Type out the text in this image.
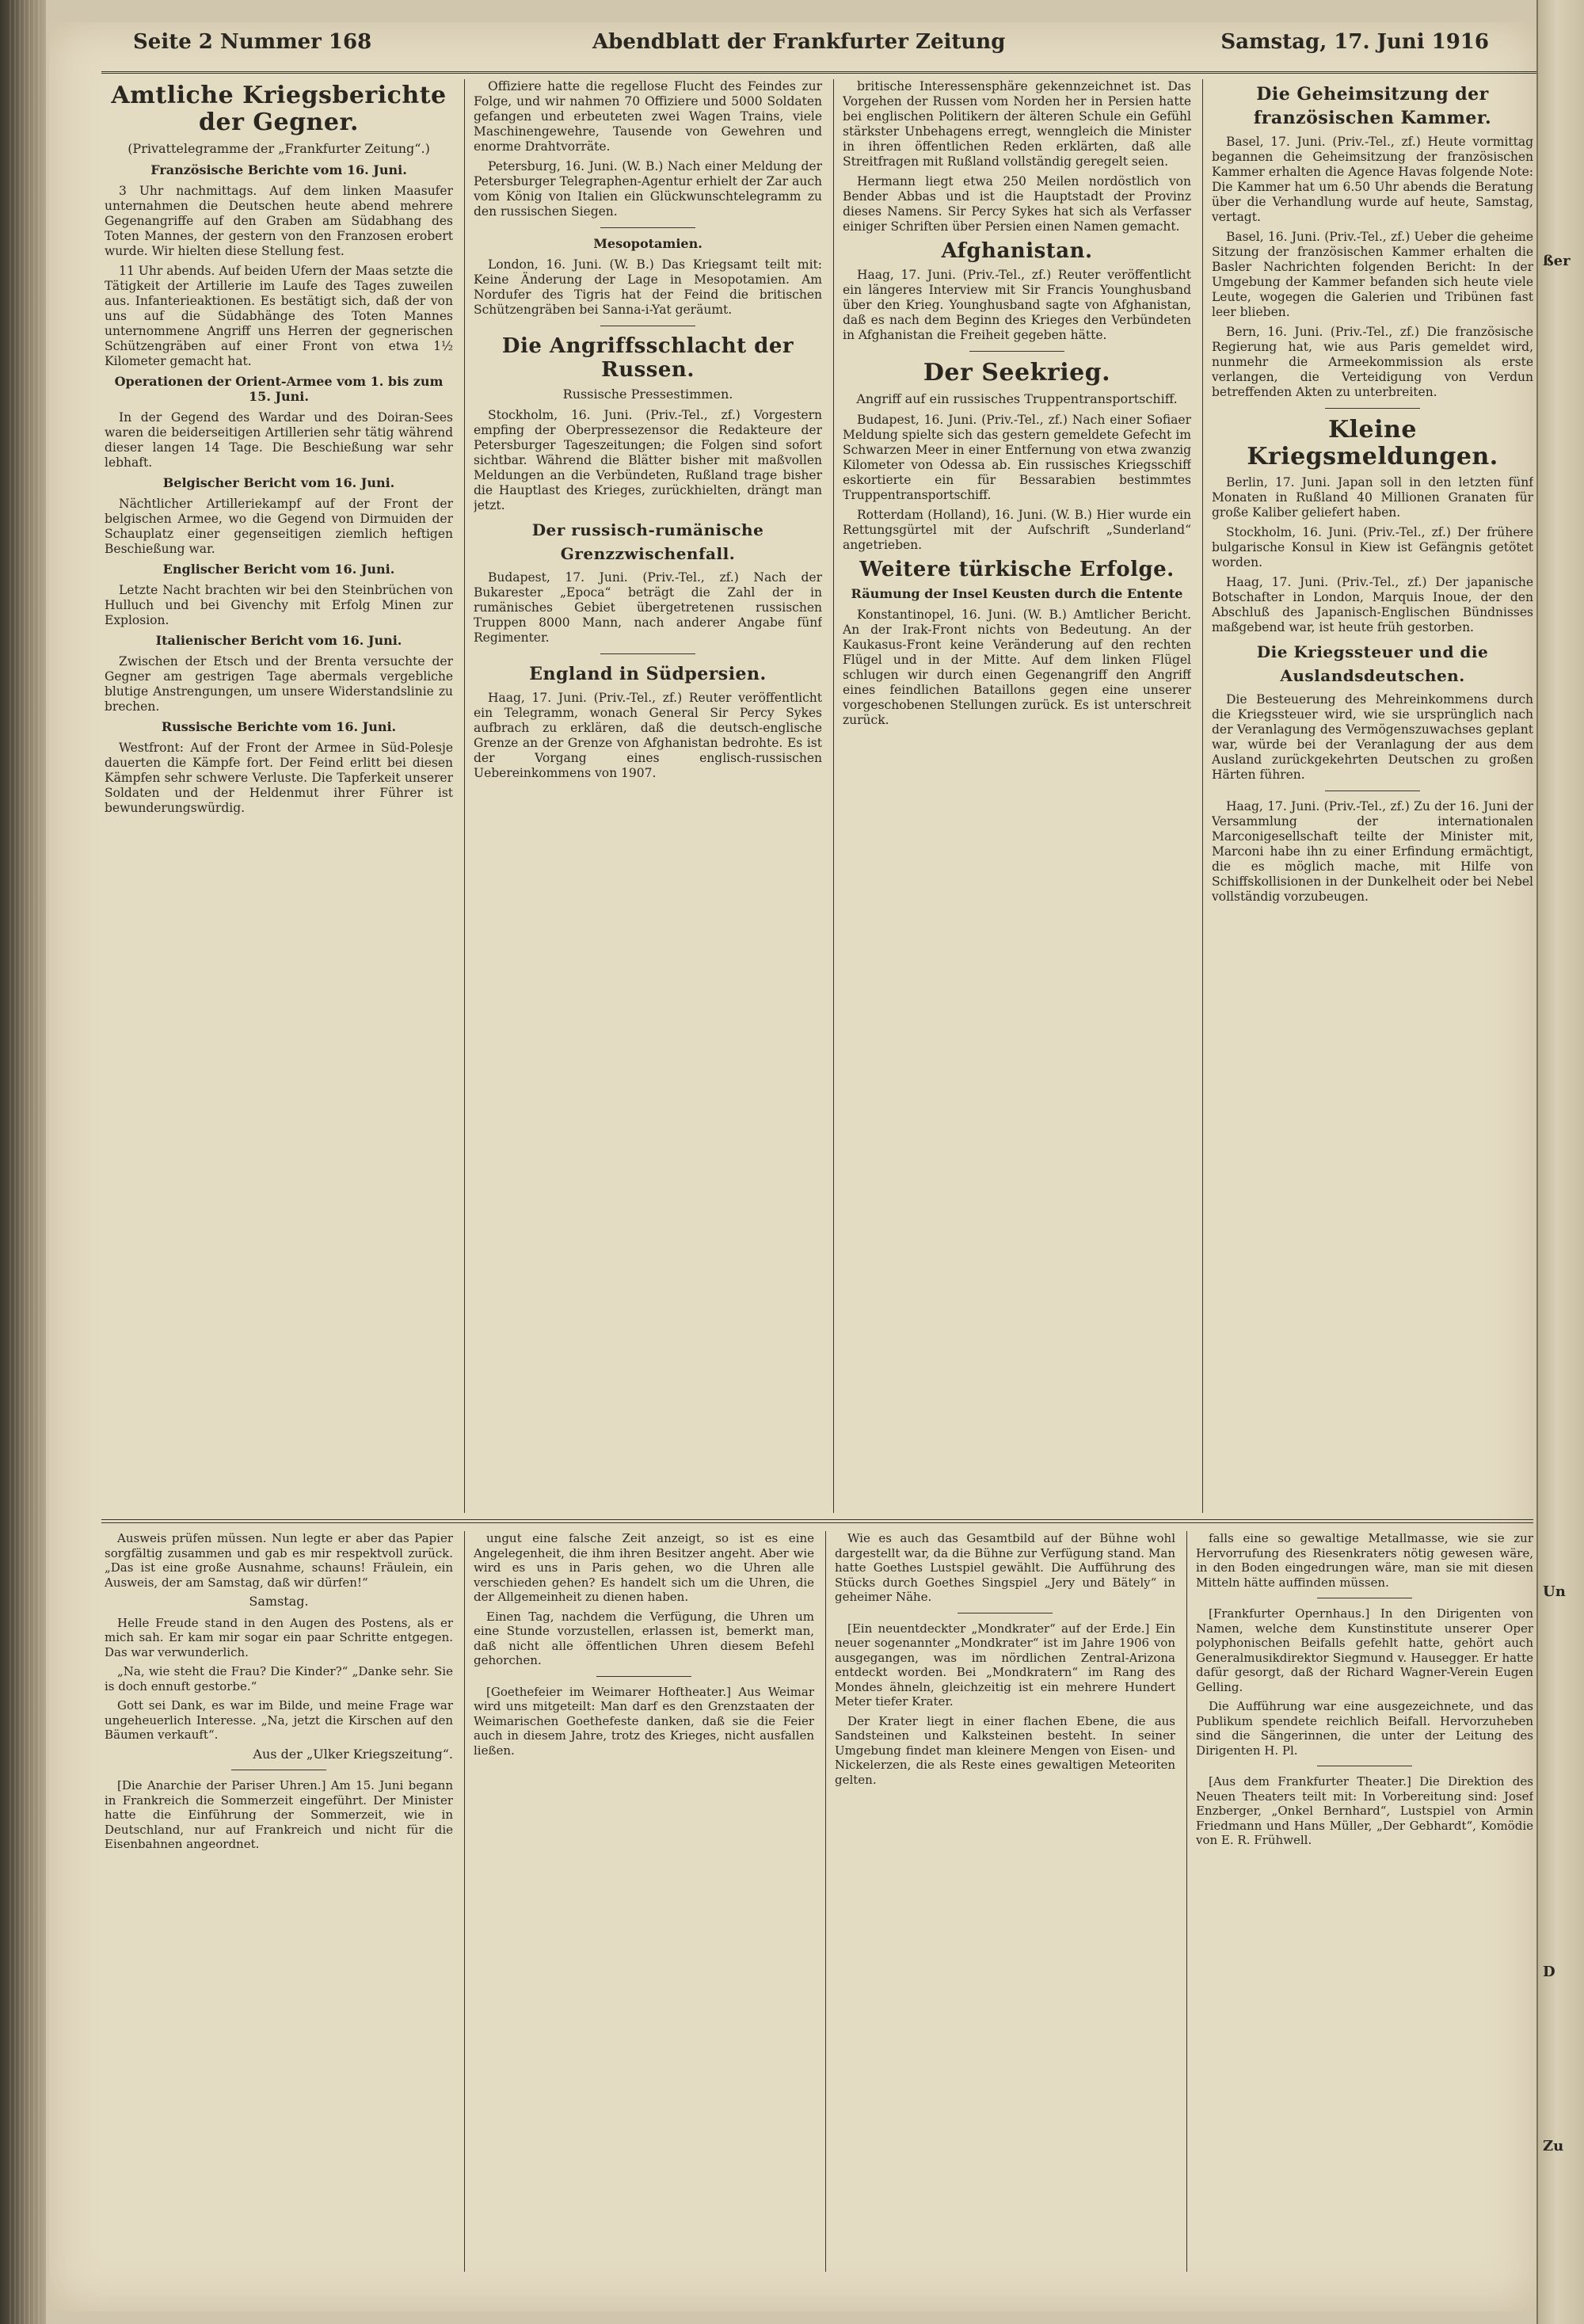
Seite 2 Nummer 168	Abendblatt der Frankfurter Zeitung	Samstag, 17. Juni 1916
Amtliche Kriegsberichte der Gegner.
(Privattelegramme der „Frankfurter Zeitung“.)
Französische Berichte vom 16. Juni.

3 Uhr nachmittags. Auf dem linken Maasufer unternahmen die Deutschen heute abend mehrere Gegenangriffe auf den Graben am Südabhang des Toten Mannes, der gestern von den Franzosen erobert wurde. Wir hielten diese Stellung fest.

11 Uhr abends. Auf beiden Ufern der Maas setzte die Tätigkeit der Artillerie im Laufe des Tages zuweilen aus. Infanterieaktionen. Es bestätigt sich, daß der von uns auf die Südabhänge des Toten Mannes unternommene Angriff uns Herren der gegnerischen Schützengräben auf einer Front von etwa 1½ Kilometer gemacht hat.

Operationen der Orient-Armee vom 1. bis zum 15. Juni.

In der Gegend des Wardar und des Doiran-Sees waren die beiderseitigen Artillerien sehr tätig während dieser langen 14 Tage. Die Beschießung war sehr lebhaft.

Belgischer Bericht vom 16. Juni.

Nächtlicher Artilleriekampf auf der Front der belgischen Armee, wo die Gegend von Dirmuiden der Schauplatz einer gegenseitigen ziemlich heftigen Beschießung war.

Englischer Bericht vom 16. Juni.

Letzte Nacht brachten wir bei den Steinbrüchen von Hulluch und bei Givenchy mit Erfolg Minen zur Explosion.

Italienischer Bericht vom 16. Juni.

Zwischen der Etsch und der Brenta versuchte der Gegner am gestrigen Tage abermals vergebliche blutige Anstrengungen, um unsere Widerstandslinie zu brechen.

Russische Berichte vom 16. Juni.

Westfront: Auf der Front der Armee in Süd-Polesje dauerten die Kämpfe fort. Der Feind erlitt bei diesen Kämpfen sehr schwere Verluste. Die Tapferkeit unserer Soldaten und der Heldenmut ihrer Führer ist bewunderungswürdig.

Offiziere hatte die regellose Flucht des Feindes zur Folge, und wir nahmen 70 Offiziere und 5000 Soldaten gefangen und erbeuteten zwei Wagen Trains, viele Maschinengewehre, Tausende von Gewehren und enorme Drahtvorräte.

Petersburg, 16. Juni. (W. B.) Nach einer Meldung der Petersburger Telegraphen-Agentur erhielt der Zar auch vom König von Italien ein Glückwunschtelegramm zu den russischen Siegen.

Mesopotamien.

London, 16. Juni. (W. B.) Das Kriegsamt teilt mit: Keine Änderung der Lage in Mesopotamien. Am Nordufer des Tigris hat der Feind die britischen Schützengräben bei Sanna-i-Yat geräumt.

Die Angriffsschlacht der Russen.
Russische Pressestimmen.

Stockholm, 16. Juni. (Priv.-Tel., zf.) Vorgestern empfing der Oberpressezensor die Redakteure der Petersburger Tageszeitungen; die Folgen sind sofort sichtbar. Während die Blätter bisher mit maßvollen Meldungen an die Verbündeten, Rußland trage bisher die Hauptlast des Krieges, zurückhielten, drängt man jetzt.

Der russisch-rumänische Grenzzwischenfall.

Budapest, 17. Juni. (Priv.-Tel., zf.) Nach der Bukarester „Epoca“ beträgt die Zahl der in rumänisches Gebiet übergetretenen russischen Truppen 8000 Mann, nach anderer Angabe fünf Regimenter.

England in Südpersien.

Haag, 17. Juni. (Priv.-Tel., zf.) Reuter veröffentlicht ein Telegramm, wonach General Sir Percy Sykes aufbrach zu erklären, daß die deutsch-englische Grenze an der Grenze von Afghanistan bedrohte. Es ist der Vorgang eines englisch-russischen Uebereinkommens von 1907.

britische Interessensphäre gekennzeichnet ist. Das Vorgehen der Russen vom Norden her in Persien hatte bei englischen Politikern der älteren Schule ein Gefühl stärkster Unbehagens erregt, wenngleich die Minister in ihren öffentlichen Reden erklärten, daß alle Streitfragen mit Rußland vollständig geregelt seien.

Hermann liegt etwa 250 Meilen nordöstlich von Bender Abbas und ist die Hauptstadt der Provinz dieses Namens. Sir Percy Sykes hat sich als Verfasser einiger Schriften über Persien einen Namen gemacht.

Afghanistan.

Haag, 17. Juni. (Priv.-Tel., zf.) Reuter veröffentlicht ein längeres Interview mit Sir Francis Younghusband über den Krieg. Younghusband sagte von Afghanistan, daß es nach dem Beginn des Krieges den Verbündeten in Afghanistan die Freiheit gegeben hätte.

Der Seekrieg.
Angriff auf ein russisches Truppentransportschiff.

Budapest, 16. Juni. (Priv.-Tel., zf.) Nach einer Sofiaer Meldung spielte sich das gestern gemeldete Gefecht im Schwarzen Meer in einer Entfernung von etwa zwanzig Kilometer von Odessa ab. Ein russisches Kriegsschiff eskortierte ein für Bessarabien bestimmtes Truppentransportschiff.

Rotterdam (Holland), 16. Juni. (W. B.) Hier wurde ein Rettungsgürtel mit der Aufschrift „Sunderland“ angetrieben.

Weitere türkische Erfolge.
Räumung der Insel Keusten durch die Entente

Konstantinopel, 16. Juni. (W. B.) Amtlicher Bericht. An der Irak-Front nichts von Bedeutung. An der Kaukasus-Front keine Veränderung auf den rechten Flügel und in der Mitte. Auf dem linken Flügel schlugen wir durch einen Gegenangriff den Angriff eines feindlichen Bataillons gegen eine unserer vorgeschobenen Stellungen zurück. Es ist unterschreit zurück.

Die Geheimsitzung der französischen Kammer.

Basel, 17. Juni. (Priv.-Tel., zf.) Heute vormittag begannen die Geheimsitzung der französischen Kammer erhalten die Agence Havas folgende Note: Die Kammer hat um 6.50 Uhr abends die Beratung über die Verhandlung wurde auf heute, Samstag, vertagt.

Basel, 16. Juni. (Priv.-Tel., zf.) Ueber die geheime Sitzung der französischen Kammer erhalten die Basler Nachrichten folgenden Bericht: In der Umgebung der Kammer befanden sich heute viele Leute, wogegen die Galerien und Tribünen fast leer blieben.

Bern, 16. Juni. (Priv.-Tel., zf.) Die französische Regierung hat, wie aus Paris gemeldet wird, nunmehr die Armeekommission als erste verlangen, die Verteidigung von Verdun betreffenden Akten zu unterbreiten.

Kleine Kriegsmeldungen.

Berlin, 17. Juni. Japan soll in den letzten fünf Monaten in Rußland 40 Millionen Granaten für große Kaliber geliefert haben.

Stockholm, 16. Juni. (Priv.-Tel., zf.) Der frühere bulgarische Konsul in Kiew ist Gefängnis getötet worden.

Haag, 17. Juni. (Priv.-Tel., zf.) Der japanische Botschafter in London, Marquis Inoue, der den Abschluß des Japanisch-Englischen Bündnisses maßgebend war, ist heute früh gestorben.

Die Kriegssteuer und die Auslandsdeutschen.

Die Besteuerung des Mehreinkommens durch die Kriegssteuer wird, wie sie ursprünglich nach der Veranlagung des Vermögenszuwachses geplant war, würde bei der Veranlagung der aus dem Ausland zurückgekehrten Deutschen zu großen Härten führen.

Haag, 17. Juni. (Priv.-Tel., zf.) Zu der 16. Juni der Versammlung der internationalen Marconigesellschaft teilte der Minister mit, Marconi habe ihn zu einer Erfindung ermächtigt, die es möglich mache, mit Hilfe von Schiffskollisionen in der Dunkelheit oder bei Nebel vollständig vorzubeugen.

Ausweis prüfen müssen. Nun legte er aber das Papier sorgfältig zusammen und gab es mir respektvoll zurück. „Das ist eine große Ausnahme, schauns! Fräulein, ein Ausweis, der am Samstag, daß wir dürfen!“

Samstag.

Helle Freude stand in den Augen des Postens, als er mich sah. Er kam mir sogar ein paar Schritte entgegen. Das war verwunderlich.

„Na, wie steht die Frau? Die Kinder?“ „Danke sehr. Sie is doch ennuft gestorbe.“

Gott sei Dank, es war im Bilde, und meine Frage war ungeheuerlich Interesse. „Na, jetzt die Kirschen auf den Bäumen verkauft“.

Aus der „Ulker Kriegszeitung“.

[Die Anarchie der Pariser Uhren.] Am 15. Juni begann in Frankreich die Sommerzeit eingeführt. Der Minister hatte die Einführung der Sommerzeit, wie in Deutschland, nur auf Frankreich und nicht für die Eisenbahnen angeordnet.

ungut eine falsche Zeit anzeigt, so ist es eine Angelegenheit, die ihm ihren Besitzer angeht. Aber wie wird es uns in Paris gehen, wo die Uhren alle verschieden gehen? Es handelt sich um die Uhren, die der Allgemeinheit zu dienen haben.

Einen Tag, nachdem die Verfügung, die Uhren um eine Stunde vorzustellen, erlassen ist, bemerkt man, daß nicht alle öffentlichen Uhren diesem Befehl gehorchen.

[Goethefeier im Weimarer Hoftheater.] Aus Weimar wird uns mitgeteilt: Man darf es den Grenzstaaten der Weimarischen Goethefeste danken, daß sie die Feier auch in diesem Jahre, trotz des Krieges, nicht ausfallen ließen.

Wie es auch das Gesamtbild auf der Bühne wohl dargestellt war, da die Bühne zur Verfügung stand. Man hatte Goethes Lustspiel gewählt. Die Aufführung des Stücks durch Goethes Singspiel „Jery und Bätely“ in geheimer Nähe.

[Ein neuentdeckter „Mondkrater“ auf der Erde.] Ein neuer sogenannter „Mondkrater“ ist im Jahre 1906 von ausgegangen, was im nördlichen Zentral-Arizona entdeckt worden. Bei „Mondkratern“ im Rang des Mondes ähneln, gleichzeitig ist ein mehrere Hundert Meter tiefer Krater.

Der Krater liegt in einer flachen Ebene, die aus Sandsteinen und Kalksteinen besteht. In seiner Umgebung findet man kleinere Mengen von Eisen- und Nickelerzen, die als Reste eines gewaltigen Meteoriten gelten.

falls eine so gewaltige Metallmasse, wie sie zur Hervorrufung des Riesenkraters nötig gewesen wäre, in den Boden eingedrungen wäre, man sie mit diesen Mitteln hätte auffinden müssen.

[Frankfurter Opernhaus.] In den Dirigenten von Namen, welche dem Kunstinstitute unserer Oper polyphonischen Beifalls gefehlt hatte, gehört auch Generalmusikdirektor Siegmund v. Hausegger. Er hatte dafür gesorgt, daß der Richard Wagner-Verein Eugen Gelling.

Die Aufführung war eine ausgezeichnete, und das Publikum spendete reichlich Beifall. Hervorzuheben sind die Sängerinnen, die unter der Leitung des Dirigenten H. Pl.

[Aus dem Frankfurter Theater.] Die Direktion des Neuen Theaters teilt mit: In Vorbereitung sind: Josef Enzberger, „Onkel Bernhard“, Lustspiel von Armin Friedmann und Hans Müller, „Der Gebhardt“, Komödie von E. R. Frühwell.

ßer
Un
D
Zu
